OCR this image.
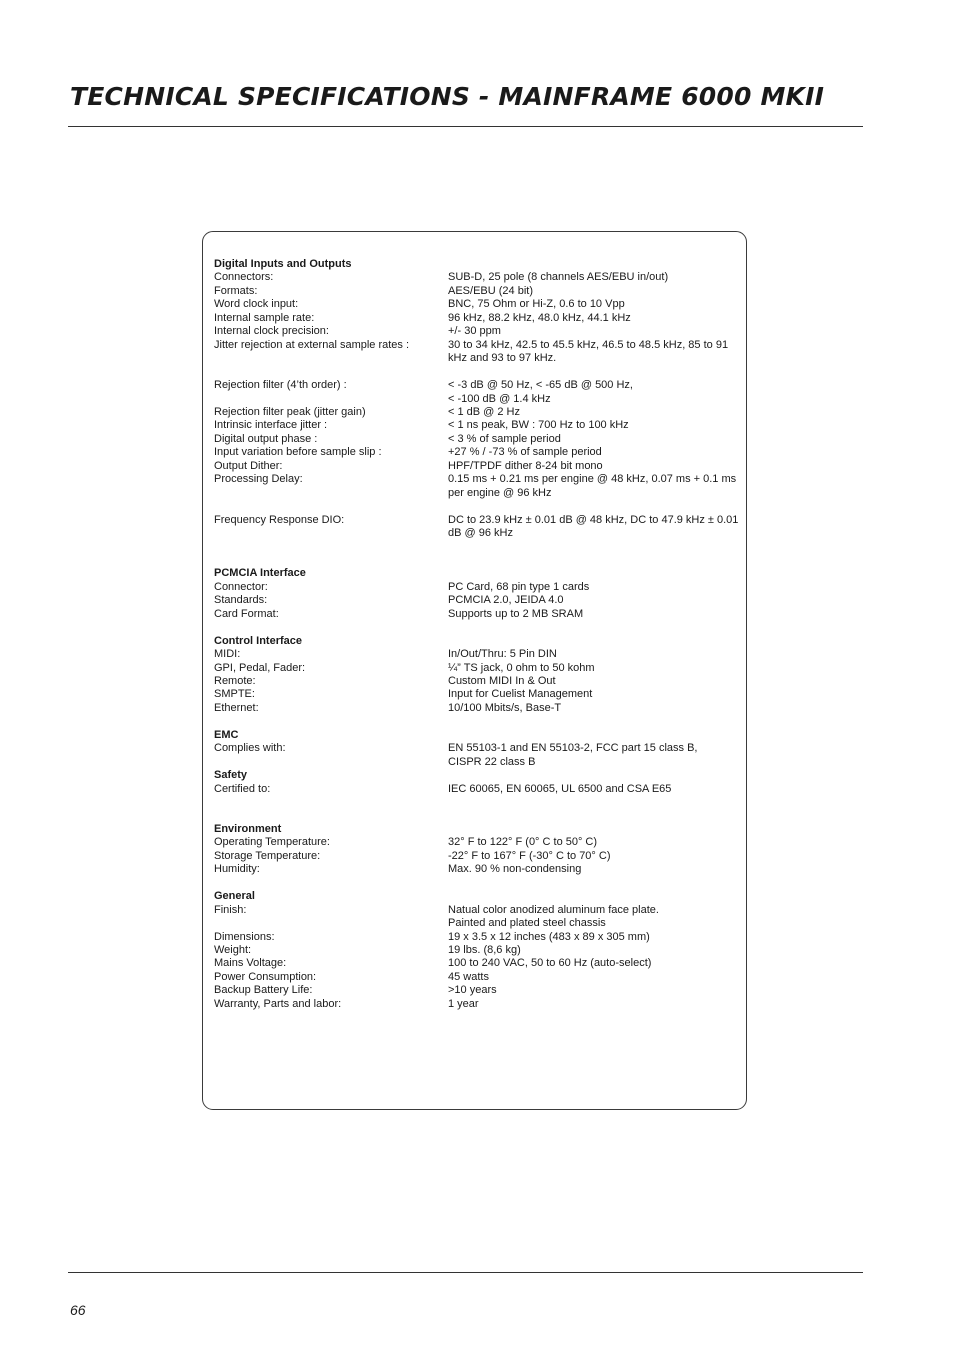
TECHNICAL SPECIFICATIONS - MAINFRAME 6000 MKII
Digital Inputs and Outputs
Connectors:	SUB-D, 25 pole (8 channels AES/EBU in/out)
Formats:	AES/EBU (24 bit)
Word clock input:	BNC, 75 Ohm or Hi-Z, 0.6 to 10 Vpp
Internal sample rate:	96 kHz, 88.2 kHz, 48.0 kHz, 44.1 kHz
Internal clock precision:	+/- 30 ppm
Jitter rejection at external sample rates :	30 to 34 kHz, 42.5 to 45.5 kHz, 46.5 to 48.5 kHz, 85 to 91 kHz and 93 to 97 kHz.
Rejection filter (4’th order) :	< -3 dB @ 50 Hz, < -65 dB @ 500 Hz,
< -100 dB @ 1.4 kHz
Rejection filter peak (jitter gain)	< 1 dB @ 2 Hz
Intrinsic interface jitter :	< 1 ns peak, BW : 700 Hz to 100 kHz
Digital output phase :	< 3 % of sample period
Input variation before sample slip :	+27 % / -73 % of sample period
Output Dither:	HPF/TPDF dither 8-24 bit mono
Processing Delay:	0.15 ms + 0.21 ms per engine @ 48 kHz, 0.07 ms + 0.1 ms per engine @ 96 kHz
Frequency Response DIO:	DC to 23.9 kHz ± 0.01 dB @ 48 kHz, DC to 47.9 kHz ± 0.01 dB @ 96 kHz
PCMCIA Interface
Connector:	PC Card, 68 pin type 1 cards
Standards:	PCMCIA 2.0, JEIDA 4.0
Card Format:	Supports up to 2 MB SRAM
Control Interface
MIDI:	In/Out/Thru: 5 Pin DIN
GPI, Pedal, Fader:	¼” TS jack, 0 ohm to 50 kohm
Remote:	Custom MIDI In & Out
SMPTE:	Input for Cuelist Management
Ethernet:	10/100 Mbits/s, Base-T
EMC
Complies with:	EN 55103-1 and EN 55103-2, FCC part 15 class B,
CISPR 22 class B
Safety
Certified to:	IEC 60065, EN 60065, UL 6500 and CSA E65
Environment
Operating Temperature:	32° F to 122° F (0° C to 50° C)
Storage Temperature:	-22° F to 167° F (-30° C to 70° C)
Humidity:	Max. 90 % non-condensing
General
Finish:	Natual color anodized aluminum face plate.
Painted and plated steel chassis
Dimensions:	19 x 3.5 x 12 inches (483 x 89 x 305 mm)
Weight:	19 lbs. (8,6 kg)
Mains Voltage:	100 to 240 VAC, 50 to 60 Hz (auto-select)
Power Consumption:	45 watts
Backup Battery Life:	>10 years
Warranty, Parts and labor:	1 year
66
